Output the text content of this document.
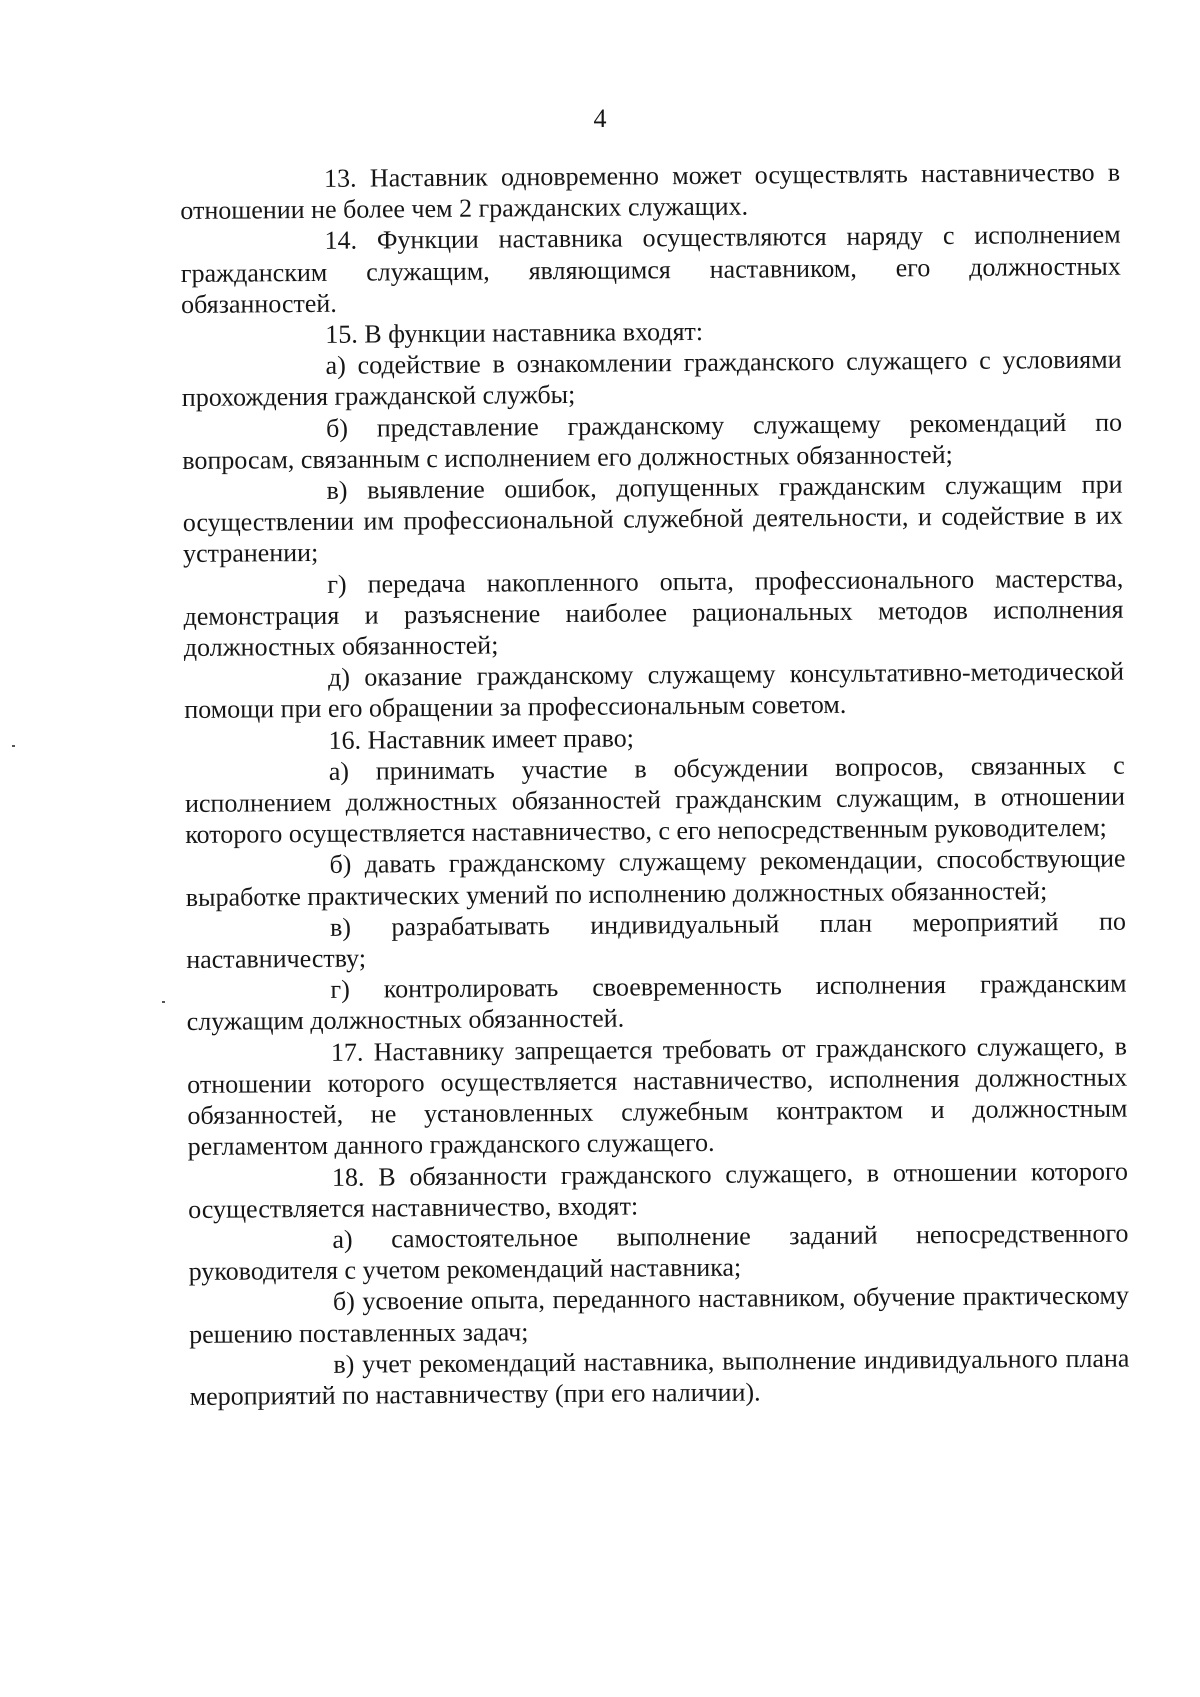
4

13. Наставник одновременно может осуществлять наставничество в отношении не более чем 2 гражданских служащих.

14. Функции наставника осуществляются наряду с исполнением гражданским служащим, являющимся наставником, его должностных обязанностей.

15. В функции наставника входят:

а) содействие в ознакомлении гражданского служащего с условиями прохождения гражданской службы;

б) представление гражданскому служащему рекомендаций по вопросам, связанным с исполнением его должностных обязанностей;

в) выявление ошибок, допущенных гражданским служащим при осуществлении им профессиональной служебной деятельности, и содействие в их устранении;

г) передача накопленного опыта, профессионального мастерства, демонстрация и разъяснение наиболее рациональных методов исполнения должностных обязанностей;

д) оказание гражданскому служащему консультативно-методической помощи при его обращении за профессиональным советом.

16. Наставник имеет право;

а) принимать участие в обсуждении вопросов, связанных с исполнением должностных обязанностей гражданским служащим, в отношении которого осуществляется наставничество, с его непосредственным руководителем;

б) давать гражданскому служащему рекомендации, способствующие выработке практических умений по исполнению должностных обязанностей;

в) разрабатывать индивидуальный план мероприятий по наставничеству;

г) контролировать своевременность исполнения гражданским служащим должностных обязанностей.

17. Наставнику запрещается требовать от гражданского служащего, в отношении которого осуществляется наставничество, исполнения должностных обязанностей, не установленных служебным контрактом и должностным регламентом данного гражданского служащего.

18. В обязанности гражданского служащего, в отношении которого осуществляется наставничество, входят:

а) самостоятельное выполнение заданий непосредственного руководителя с учетом рекомендаций наставника;

б) усвоение опыта, переданного наставником, обучение практическому решению поставленных задач;

в) учет рекомендаций наставника, выполнение индивидуального плана мероприятий по наставничеству (при его наличии).
